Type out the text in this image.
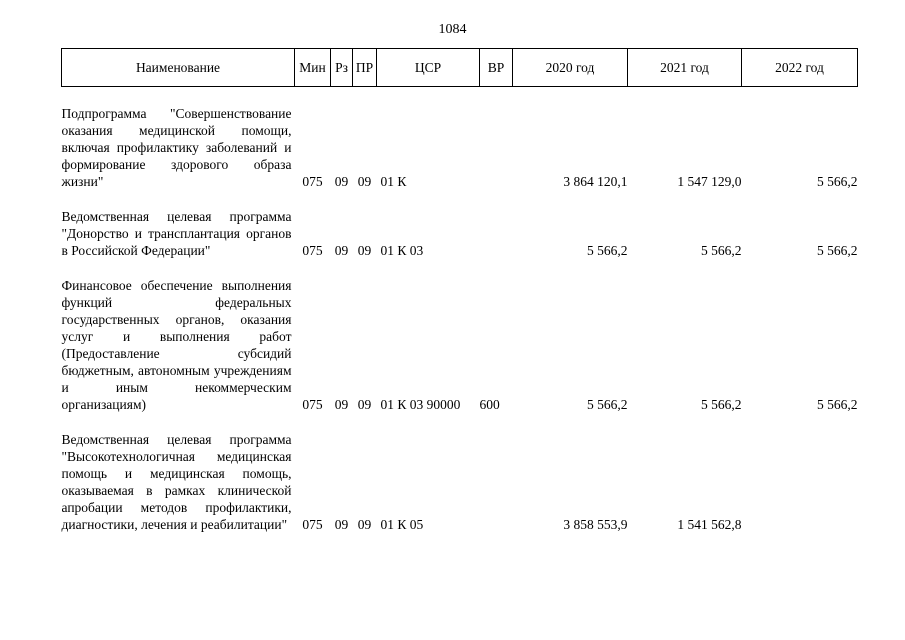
1084
Наименование	Мин	Рз	ПР	ЦСР	ВР	2020 год	2021 год	2022 год

Подпрограмма "Совершенствование оказания медицинской помощи, включая профилактику заболеваний и формирование здорового образа жизни"	075	09	09	01 К		3 864 120,1	1 547 129,0	5 566,2

Ведомственная целевая программа "Донорство и трансплантация органов в Российской Федерации"	075	09	09	01 К 03		5 566,2	5 566,2	5 566,2

Финансовое обеспечение выполнения функций федеральных государственных органов, оказания услуг и выполнения работ (Предоставление субсидий бюджетным, автономным учреждениям и иным некоммерческим организациям)	075	09	09	01 К 03 90000	600	5 566,2	5 566,2	5 566,2

Ведомственная целевая программа "Высокотехнологичная медицинская помощь и медицинская помощь, оказываемая в рамках клинической апробации методов профилактики, диагностики, лечения и реабилитации"	075	09	09	01 К 05		3 858 553,9	1 541 562,8	
